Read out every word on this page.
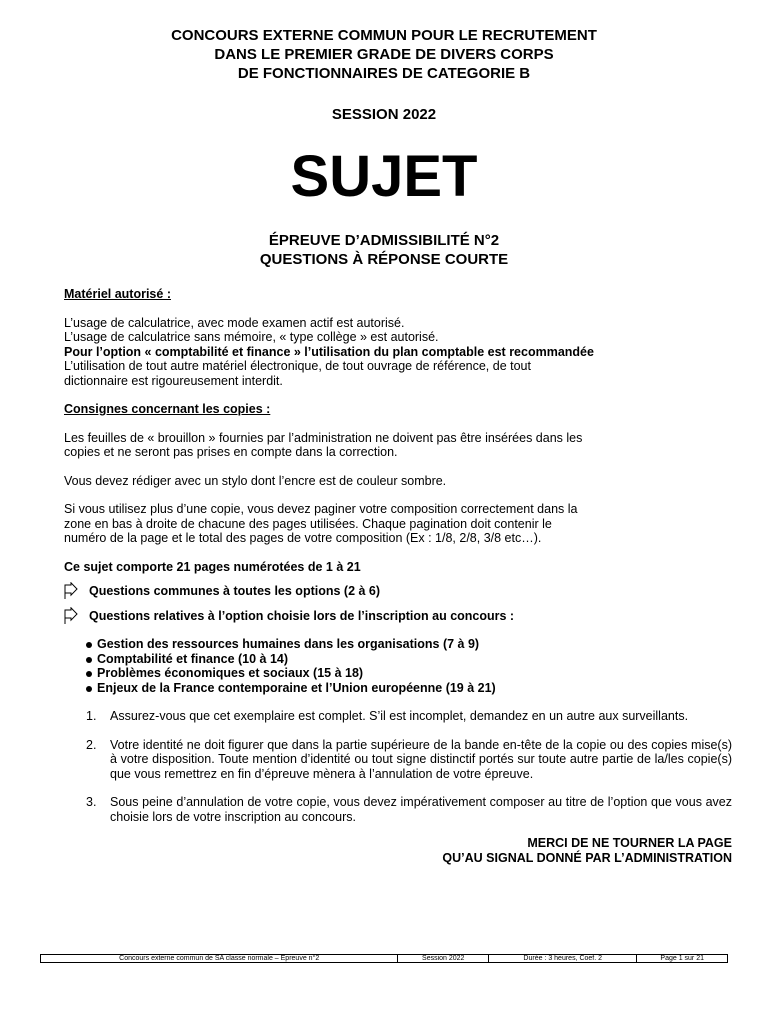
CONCOURS EXTERNE COMMUN POUR LE RECRUTEMENT
DANS LE PREMIER GRADE DE DIVERS CORPS
DE FONCTIONNAIRES DE CATEGORIE B
SESSION 2022
SUJET
ÉPREUVE D’ADMISSIBILITÉ N°2
QUESTIONS À RÉPONSE COURTE

Matériel autorisé :

L’usage de calculatrice, avec mode examen actif est autorisé.

L’usage de calculatrice sans mémoire, « type collège » est autorisé.

Pour l’option « comptabilité et finance » l’utilisation du plan comptable est recommandée

L’utilisation de tout autre matériel électronique, de tout ouvrage de référence, de tout

dictionnaire est rigoureusement interdit.

Consignes concernant les copies :

Les feuilles de « brouillon » fournies par l’administration ne doivent pas être insérées dans les

copies et ne seront pas prises en compte dans la correction.

Vous devez rédiger avec un stylo dont l’encre est de couleur sombre.

Si vous utilisez plus d’une copie, vous devez paginer votre composition correctement dans la

zone en bas à droite de chacune des pages utilisées. Chaque pagination doit contenir le

numéro de la page et le total des pages de votre composition (Ex : 1/8, 2/8, 3/8 etc…).

Ce sujet comporte 21 pages numérotées de 1 à 21

Questions communes à toutes les options (2 à 6)

Questions relatives à l’option choisie lors de l’inscription au concours :

Gestion des ressources humaines dans les organisations (7 à 9)
Comptabilité et finance (10 à 14)
Problèmes économiques et sociaux (15 à 18)
Enjeux de la France contemporaine et l’Union européenne (19 à 21)
1. Assurez-vous que cet exemplaire est complet. S’il est incomplet, demandez en un autre aux surveillants.
2. Votre identité ne doit figurer que dans la partie supérieure de la bande en-tête de la copie ou des copies mise(s) à votre disposition. Toute mention d’identité ou tout signe distinctif portés sur toute autre partie de la/les copie(s) que vous remettrez en fin d’épreuve mènera à l’annulation de votre épreuve.
3. Sous peine d’annulation de votre copie, vous devez impérativement composer au titre de l’option que vous avez choisie lors de votre inscription au concours.
MERCI DE NE TOURNER LA PAGE
QU’AU SIGNAL DONNÉ PAR L’ADMINISTRATION
Concours externe commun de SA classe normale – Epreuve n°2	Session 2022	Durée : 3 heures, Coef. 2	Page 1 sur 21
